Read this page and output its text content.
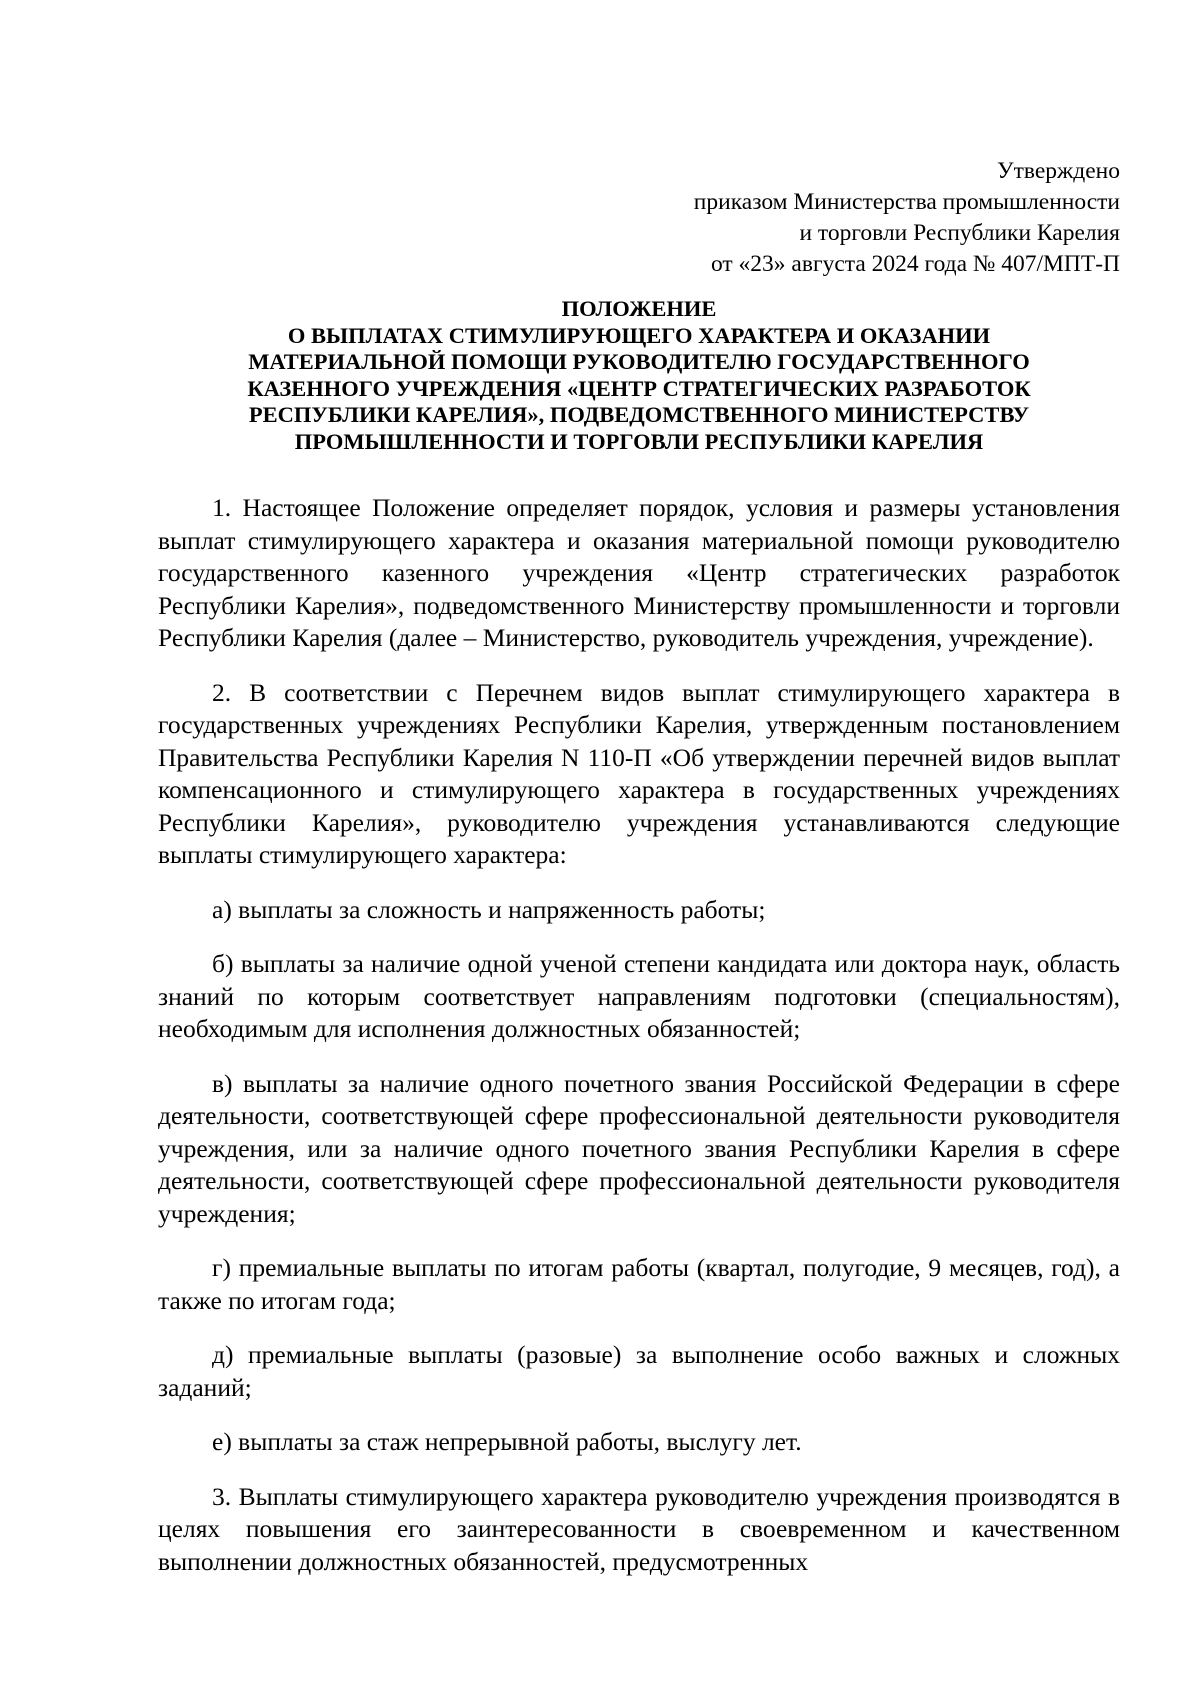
Утверждено
приказом Министерства промышленности
и торговли Республики Карелия
от «23» августа 2024 года № 407/МПТ-П
ПОЛОЖЕНИЕ
О ВЫПЛАТАХ СТИМУЛИРУЮЩЕГО ХАРАКТЕРА И ОКАЗАНИИ
МАТЕРИАЛЬНОЙ ПОМОЩИ РУКОВОДИТЕЛЮ ГОСУДАРСТВЕННОГО
КАЗЕННОГО УЧРЕЖДЕНИЯ «ЦЕНТР СТРАТЕГИЧЕСКИХ РАЗРАБОТОК
РЕСПУБЛИКИ КАРЕЛИЯ», ПОДВЕДОМСТВЕННОГО МИНИСТЕРСТВУ
ПРОМЫШЛЕННОСТИ И ТОРГОВЛИ РЕСПУБЛИКИ КАРЕЛИЯ

1. Настоящее Положение определяет порядок, условия и размеры установления выплат стимулирующего характера и оказания материальной помощи руководителю государственного казенного учреждения «Центр стратегических разработок Республики Карелия», подведомственного Министерству промышленности и торговли Республики Карелия (далее – Министерство, руководитель учреждения, учреждение).

2. В соответствии с Перечнем видов выплат стимулирующего характера в государственных учреждениях Республики Карелия, утвержденным постановлением Правительства Республики Карелия N 110-П «Об утверждении перечней видов выплат компенсационного и стимулирующего характера в государственных учреждениях Республики Карелия», руководителю учреждения устанавливаются следующие выплаты стимулирующего характера:

а) выплаты за сложность и напряженность работы;

б) выплаты за наличие одной ученой степени кандидата или доктора наук, область знаний по которым соответствует направлениям подготовки (специальностям), необходимым для исполнения должностных обязанностей;

в) выплаты за наличие одного почетного звания Российской Федерации в сфере деятельности, соответствующей сфере профессиональной деятельности руководителя учреждения, или за наличие одного почетного звания Республики Карелия в сфере деятельности, соответствующей сфере профессиональной деятельности руководителя учреждения;

г) премиальные выплаты по итогам работы (квартал, полугодие, 9 месяцев, год), а также по итогам года;

д) премиальные выплаты (разовые) за выполнение особо важных и сложных заданий;

е) выплаты за стаж непрерывной работы, выслугу лет.

3. Выплаты стимулирующего характера руководителю учреждения производятся в целях повышения его заинтересованности в своевременном и качественном выполнении должностных обязанностей, предусмотренных
